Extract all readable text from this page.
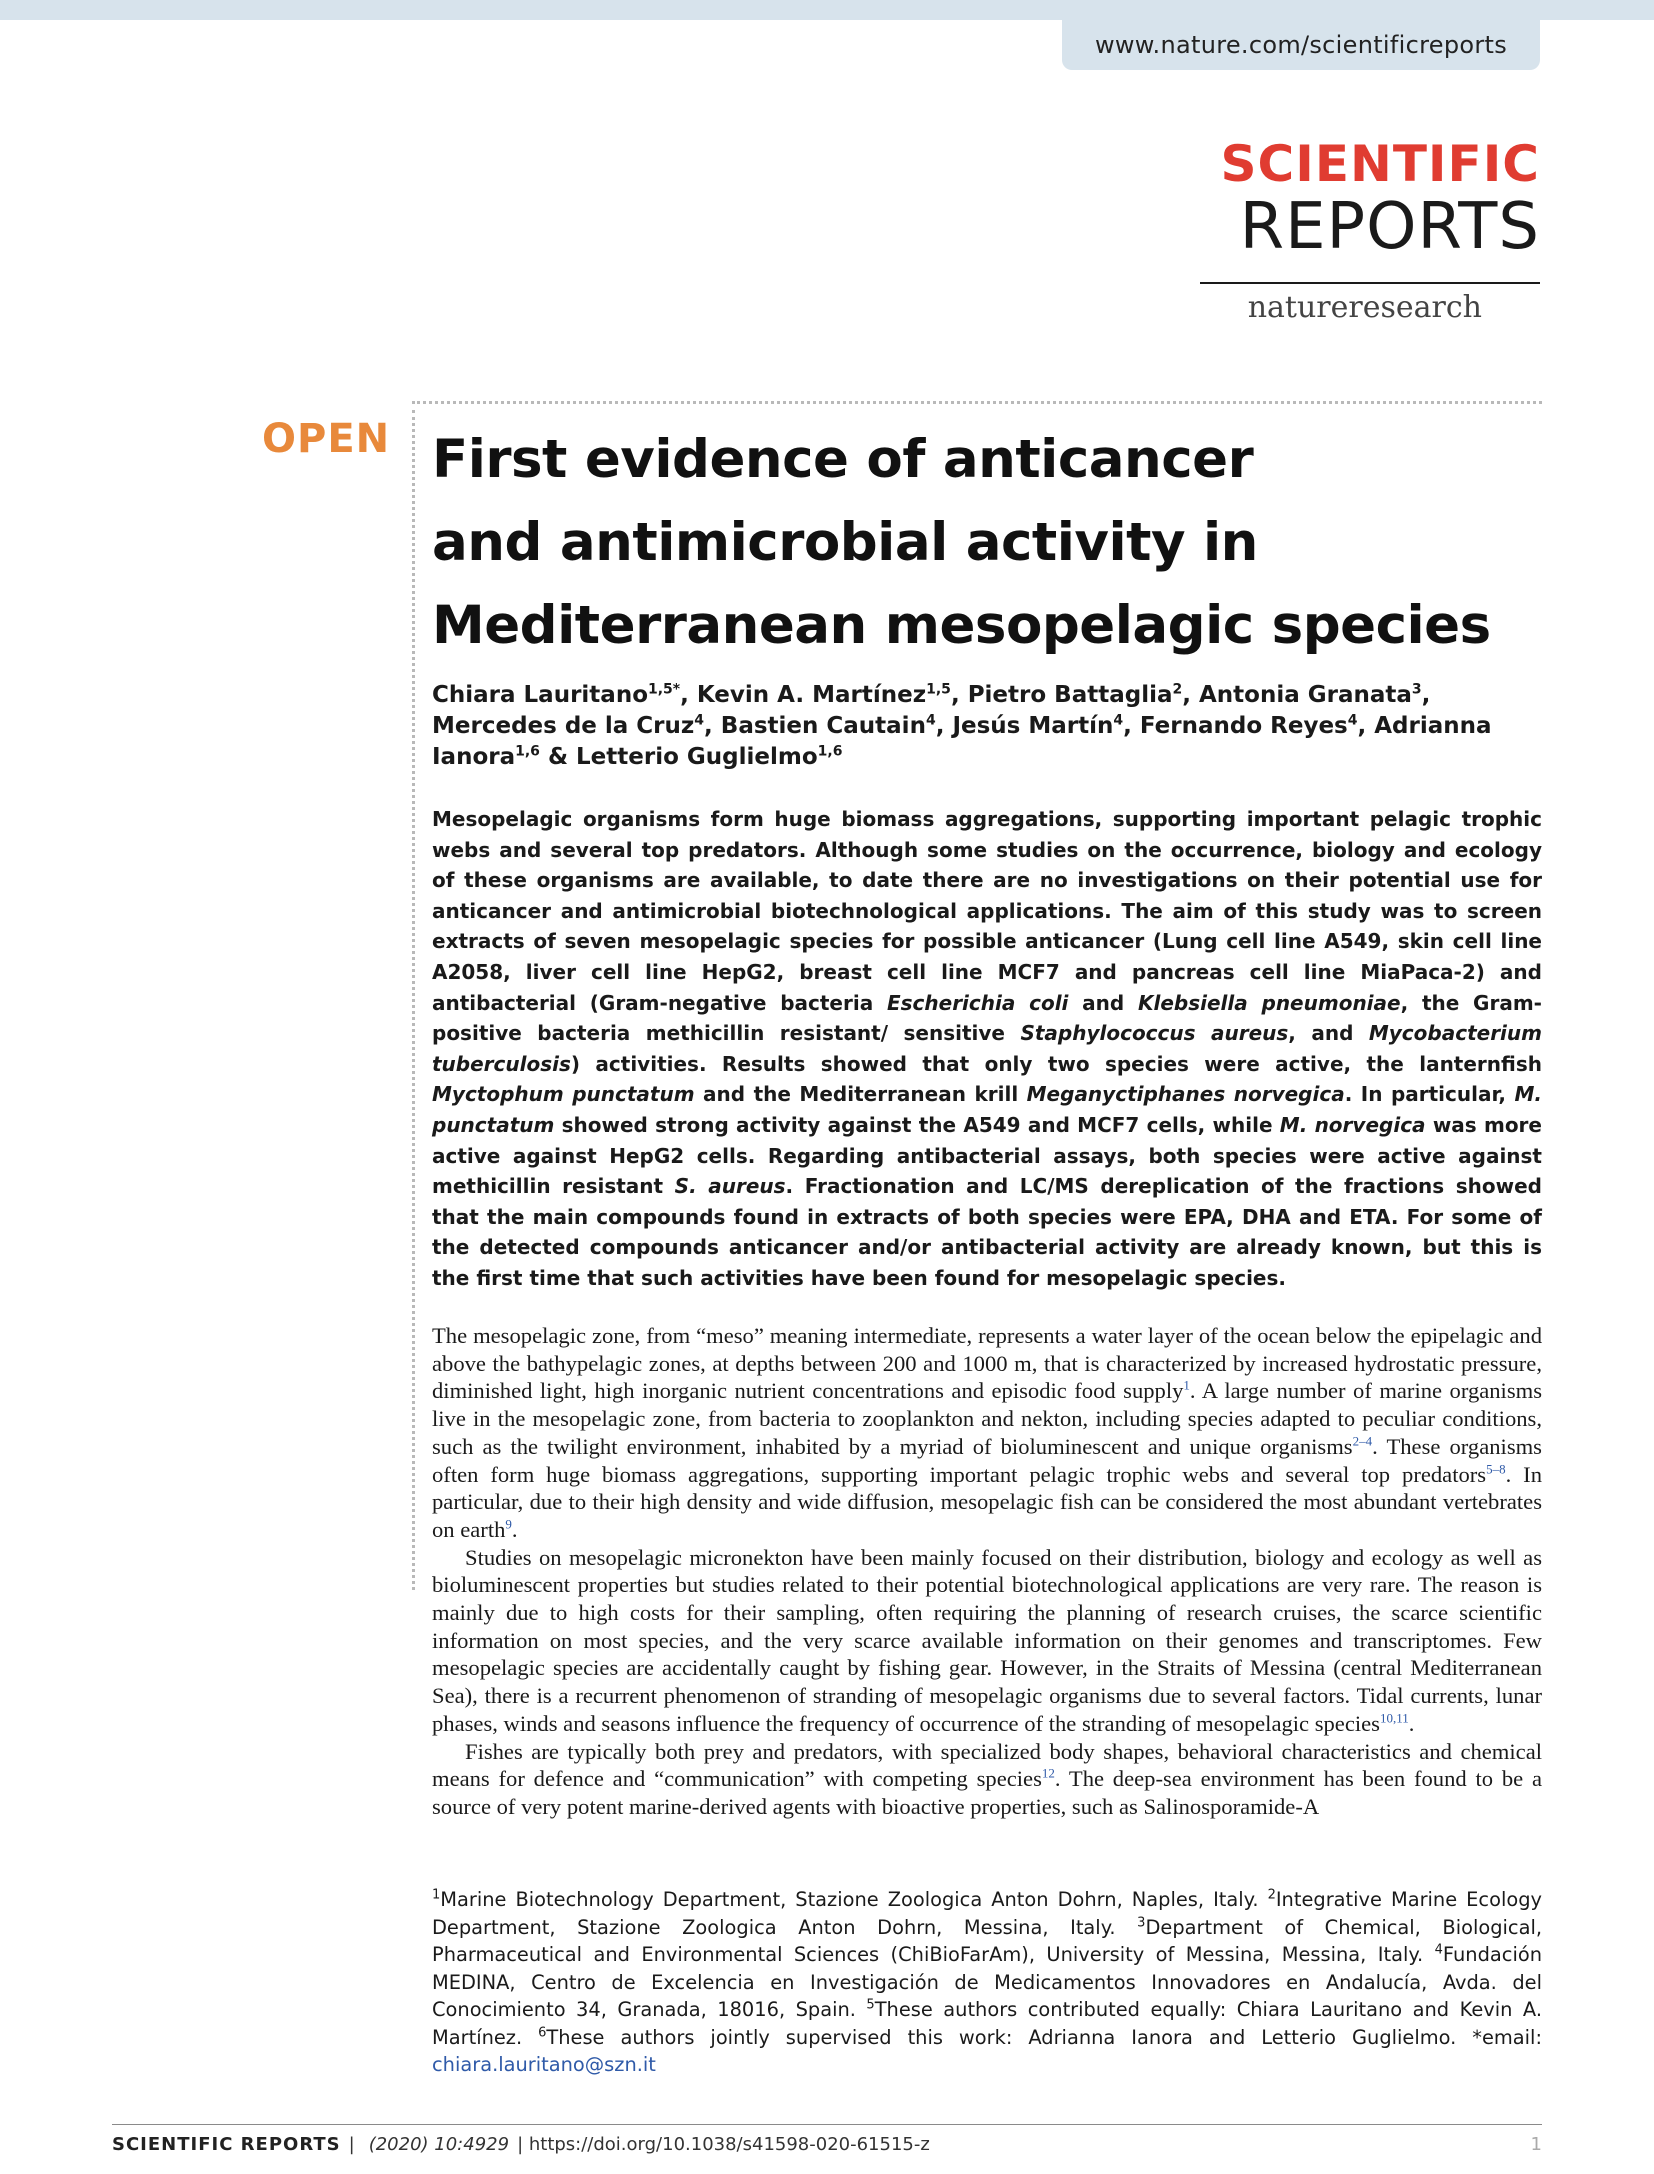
www.nature.com/scientificreports
SCIENTIFIC
REPORTS
natureresearch
OPEN First evidence of anticancer
and antimicrobial activity in
Mediterranean mesopelagic species
Chiara Lauritano$^{1,5*}$, Kevin A. Martínez$^{1,5}$, Pietro Battaglia$^2$, Antonia Granata$^3$, Mercedes de la Cruz$^4$, Bastien Cautain$^4$, Jesús Martín$^4$, Fernando Reyes$^4$, Adrianna Ianora$^{1,6}$ & Letterio Guglielmo$^{1,6}$

Mesopelagic organisms form huge biomass aggregations, supporting important pelagic trophic webs and several top predators. Although some studies on the occurrence, biology and ecology of these organisms are available, to date there are no investigations on their potential use for anticancer and antimicrobial biotechnological applications. The aim of this study was to screen extracts of seven mesopelagic species for possible anticancer (Lung cell line A549, skin cell line A2058, liver cell line HepG2, breast cell line MCF7 and pancreas cell line MiaPaca-2) and antibacterial (Gram-negative bacteria Escherichia coli and Klebsiella pneumoniae, the Gram-positive bacteria methicillin resistant/ sensitive Staphylococcus aureus, and Mycobacterium tuberculosis) activities. Results showed that only two species were active, the lanternfish Myctophum punctatum and the Mediterranean krill Meganyctiphanes norvegica. In particular, M. punctatum showed strong activity against the A549 and MCF7 cells, while M. norvegica was more active against HepG2 cells. Regarding antibacterial assays, both species were active against methicillin resistant S. aureus. Fractionation and LC/MS dereplication of the fractions showed that the main compounds found in extracts of both species were EPA, DHA and ETA. For some of the detected compounds anticancer and/or antibacterial activity are already known, but this is the first time that such activities have been found for mesopelagic species.

The mesopelagic zone, from “meso” meaning intermediate, represents a water layer of the ocean below the epipelagic and above the bathypelagic zones, at depths between 200 and 1000 m, that is characterized by increased hydrostatic pressure, diminished light, high inorganic nutrient concentrations and episodic food supply$^1$. A large number of marine organisms live in the mesopelagic zone, from bacteria to zooplankton and nekton, including species adapted to peculiar conditions, such as the twilight environment, inhabited by a myriad of bioluminescent and unique organisms$^{2-4}$. These organisms often form huge biomass aggregations, supporting important pelagic trophic webs and several top predators$^{5-8}$. In particular, due to their high density and wide diffusion, mesopelagic fish can be considered the most abundant vertebrates on earth$^9$.

Studies on mesopelagic micronekton have been mainly focused on their distribution, biology and ecology as well as bioluminescent properties but studies related to their potential biotechnological applications are very rare. The reason is mainly due to high costs for their sampling, often requiring the planning of research cruises, the scarce scientific information on most species, and the very scarce available information on their genomes and transcriptomes. Few mesopelagic species are accidentally caught by fishing gear. However, in the Straits of Messina (central Mediterranean Sea), there is a recurrent phenomenon of stranding of mesopelagic organisms due to several factors. Tidal currents, lunar phases, winds and seasons influence the frequency of occurrence of the stranding of mesopelagic species$^{10,11}$.

Fishes are typically both prey and predators, with specialized body shapes, behavioral characteristics and chemical means for defence and “communication” with competing species$^{12}$. The deep-sea environment has been found to be a source of very potent marine-derived agents with bioactive properties, such as Salinosporamide-A

$^1$Marine Biotechnology Department, Stazione Zoologica Anton Dohrn, Naples, Italy. $^2$Integrative Marine Ecology Department, Stazione Zoologica Anton Dohrn, Messina, Italy. $^3$Department of Chemical, Biological, Pharmaceutical and Environmental Sciences (ChiBioFarAm), University of Messina, Messina, Italy. $^4$Fundación MEDINA, Centro de Excelencia en Investigación de Medicamentos Innovadores en Andalucía, Avda. del Conocimiento 34, Granada, 18016, Spain. $^5$These authors contributed equally: Chiara Lauritano and Kevin A. Martínez. $^6$These authors jointly supervised this work: Adrianna Ianora and Letterio Guglielmo. *email: chiara.lauritano@szn.it
SCIENTIFIC REPORTS | (2020) 10:4929 | https://doi.org/10.1038/s41598-020-61515-z	1
